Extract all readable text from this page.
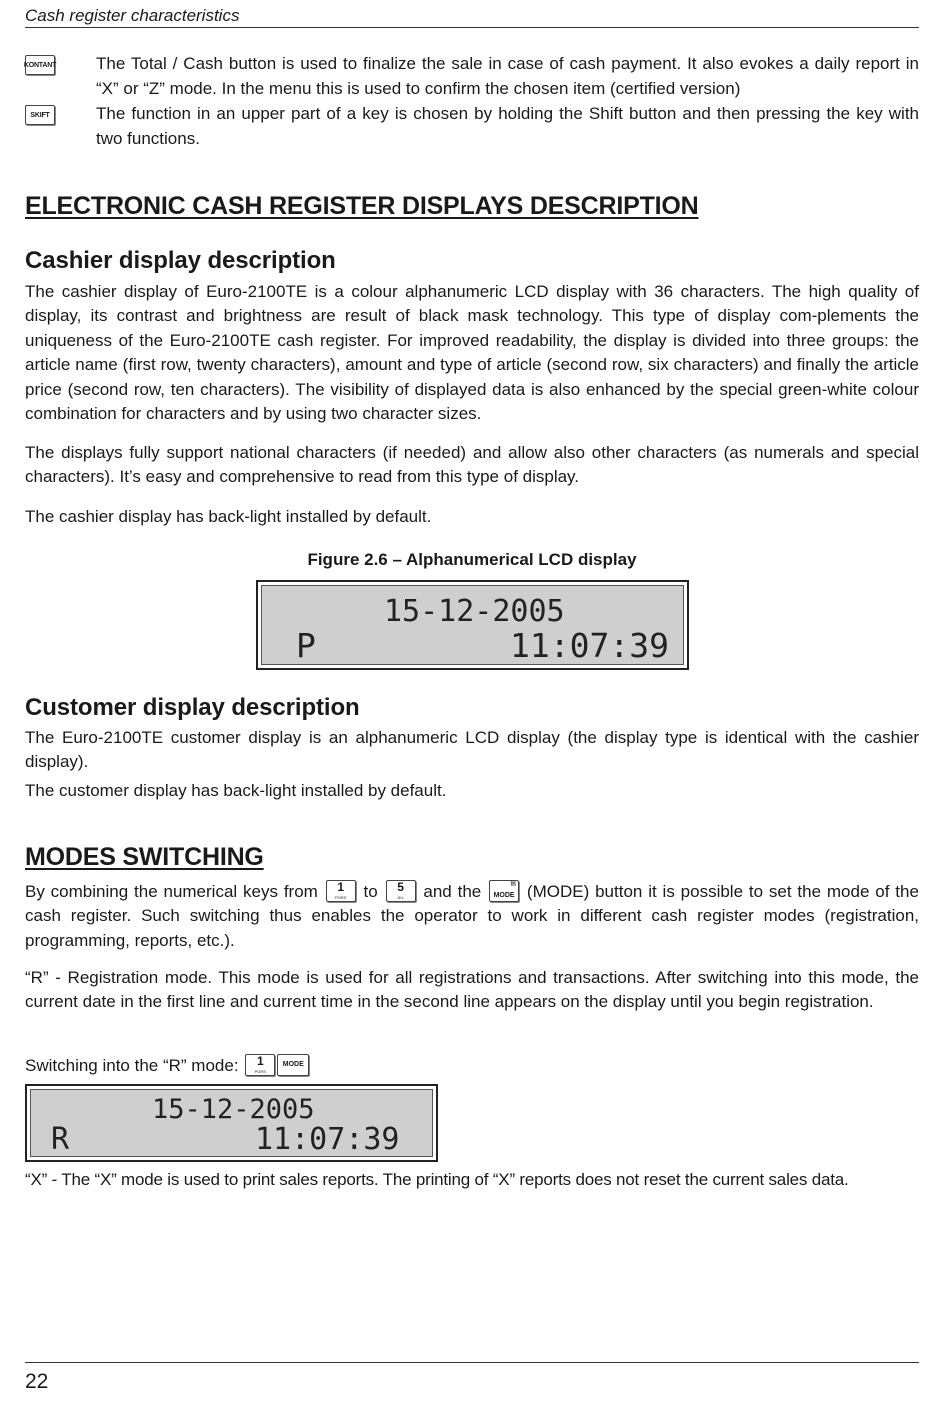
Cash register characteristics
KONTANT The Total / Cash button is used to finalize the sale in case of cash payment. It also evokes a daily report in “X” or “Z” mode. In the menu this is used to confirm the chosen item (certified version)
SKIFT	The function in an upper part of a key is chosen by holding the Shift button and then pressing the key with two functions.
ELECTRONIC CASH REGISTER DISPLAYS DESCRIPTION
Cashier display description

The cashier display of Euro-2100TE is a colour alphanumeric LCD display with 36 characters. The high quality of display, its contrast and brightness are result of black mask technology. This type of display com-plements the uniqueness of the Euro-2100TE cash register. For improved readability, the display is divided into three groups: the article name (first row, twenty characters), amount and type of article (second row, six characters) and finally the article price (second row, ten characters). The visibility of displayed data is also enhanced by the special green-white colour combination for characters and by using two character sizes.

The displays fully support national characters (if needed) and allow also other characters (as numerals and special characters). It’s easy and comprehensive to read from this type of display.

The cashier display has back-light installed by default.

Figure 2.6 – Alphanumerical LCD display
15-12-2005
P	11:07:39
Customer display description

The Euro-2100TE customer display is an alphanumeric LCD display (the display type is identical with the cashier display).

The customer display has back-light installed by default.

MODES SWITCHING

By combining the numerical keys from	1
PGRS	to	5
JKL	and the	▤
MODE (MODE) button it is possible to set the mode of the cash register. Such switching thus enables the operator to work in different cash register modes (registration, programming, reports, etc.).

“R” - Registration mode. This mode is used for all registrations and transactions. After switching into this mode, the current date in the first line and current time in the second line appears on the display until you begin registration.

Switching into the “R” mode:	1
PGRS
MODE

15-12-2005
R	11:07:39

“X” - The “X” mode is used to print sales reports. The printing of “X” reports does not reset the current sales data.

22
